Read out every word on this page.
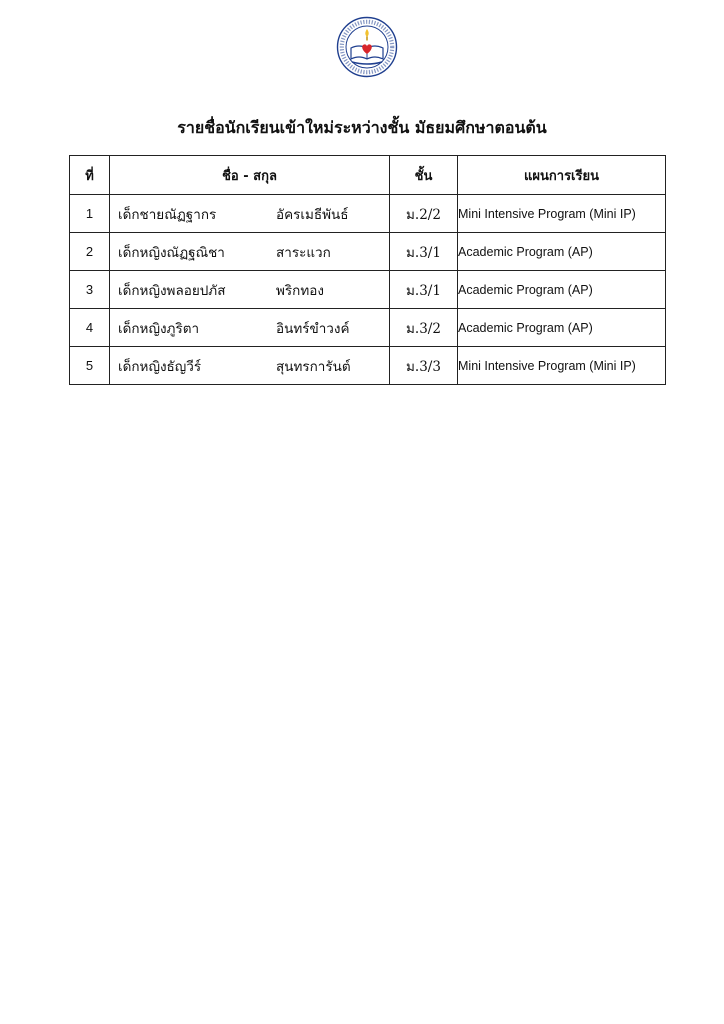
รายชื่อนักเรียนเข้าใหม่ระหว่างชั้น มัธยมศึกษาตอนต้น
ที่	ชื่อ - สกุล	ชั้น	แผนการเรียน
1	เด็กชายณัฏฐากร อัครเมธีพันธ์	ม.2/2	Mini Intensive Program (Mini IP)
2	เด็กหญิงณัฏฐณิชา สาระแวก	ม.3/1	Academic Program (AP)
3	เด็กหญิงพลอยปภัส พริกทอง	ม.3/1	Academic Program (AP)
4	เด็กหญิงภูริตา อินทร์ขำวงค์	ม.3/2	Academic Program (AP)
5	เด็กหญิงธัญวีร์ สุนทรการันต์	ม.3/3	Mini Intensive Program (Mini IP)
